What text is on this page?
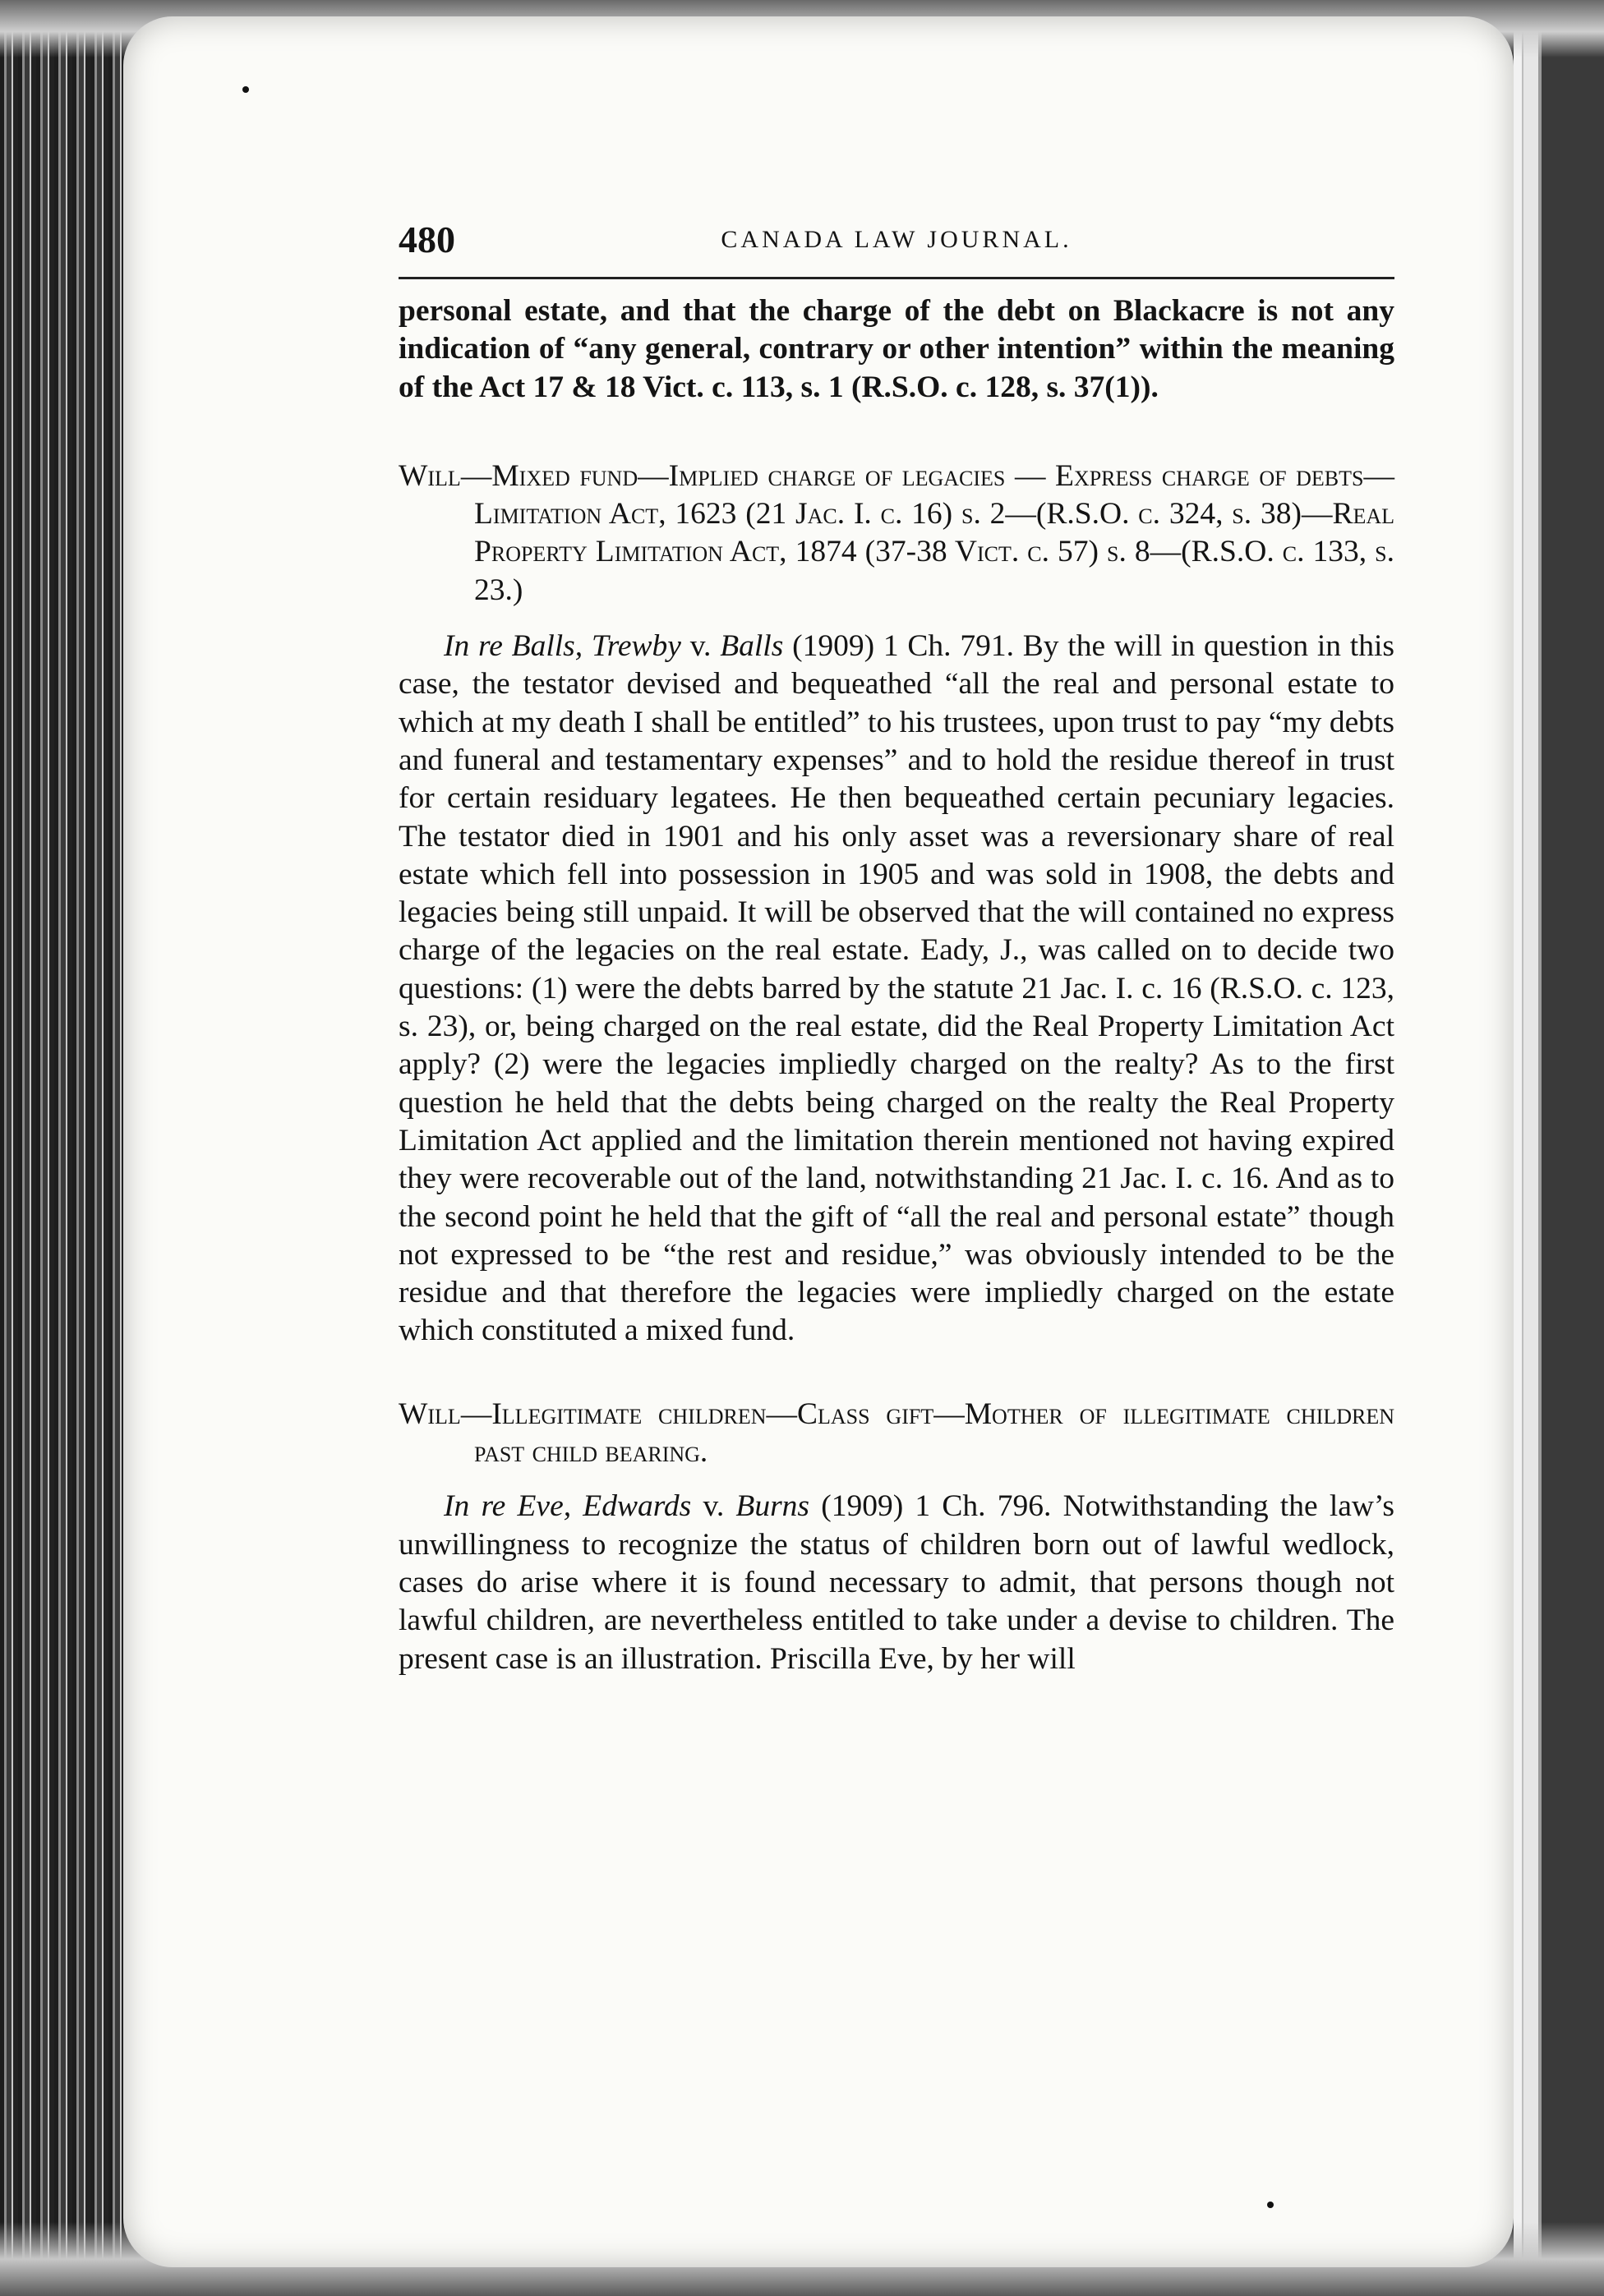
480	CANADA LAW JOURNAL.

personal estate, and that the charge of the debt on Blackacre is not any indication of “any general, contrary or other intention” within the meaning of the Act 17 & 18 Vict. c. 113, s. 1 (R.S.O. c. 128, s. 37(1)).

Will—Mixed fund—Implied charge of legacies — Express charge of debts—Limitation Act, 1623 (21 Jac. I. c. 16) s. 2—(R.S.O. c. 324, s. 38)—Real Property Limitation Act, 1874 (37-38 Vict. c. 57) s. 8—(R.S.O. c. 133, s. 23.)

In re Balls, Trewby v. Balls (1909) 1 Ch. 791. By the will in question in this case, the testator devised and bequeathed “all the real and personal estate to which at my death I shall be entitled” to his trustees, upon trust to pay “my debts and funeral and testamentary expenses” and to hold the residue thereof in trust for certain residuary legatees. He then bequeathed certain pecuniary legacies. The testator died in 1901 and his only asset was a reversionary share of real estate which fell into possession in 1905 and was sold in 1908, the debts and legacies being still unpaid. It will be observed that the will contained no express charge of the legacies on the real estate. Eady, J., was called on to decide two questions: (1) were the debts barred by the statute 21 Jac. I. c. 16 (R.S.O. c. 123, s. 23), or, being charged on the real estate, did the Real Property Limitation Act apply? (2) were the legacies impliedly charged on the realty? As to the first question he held that the debts being charged on the realty the Real Property Limitation Act applied and the limitation therein mentioned not having expired they were recoverable out of the land, notwithstanding 21 Jac. I. c. 16. And as to the second point he held that the gift of “all the real and personal estate” though not expressed to be “the rest and residue,” was obviously intended to be the residue and that therefore the legacies were impliedly charged on the estate which constituted a mixed fund.

Will—Illegitimate children—Class gift—Mother of illegitimate children past child bearing.

In re Eve, Edwards v. Burns (1909) 1 Ch. 796. Notwithstanding the law’s unwillingness to recognize the status of children born out of lawful wedlock, cases do arise where it is found necessary to admit, that persons though not lawful children, are nevertheless entitled to take under a devise to children. The present case is an illustration. Priscilla Eve, by her will
